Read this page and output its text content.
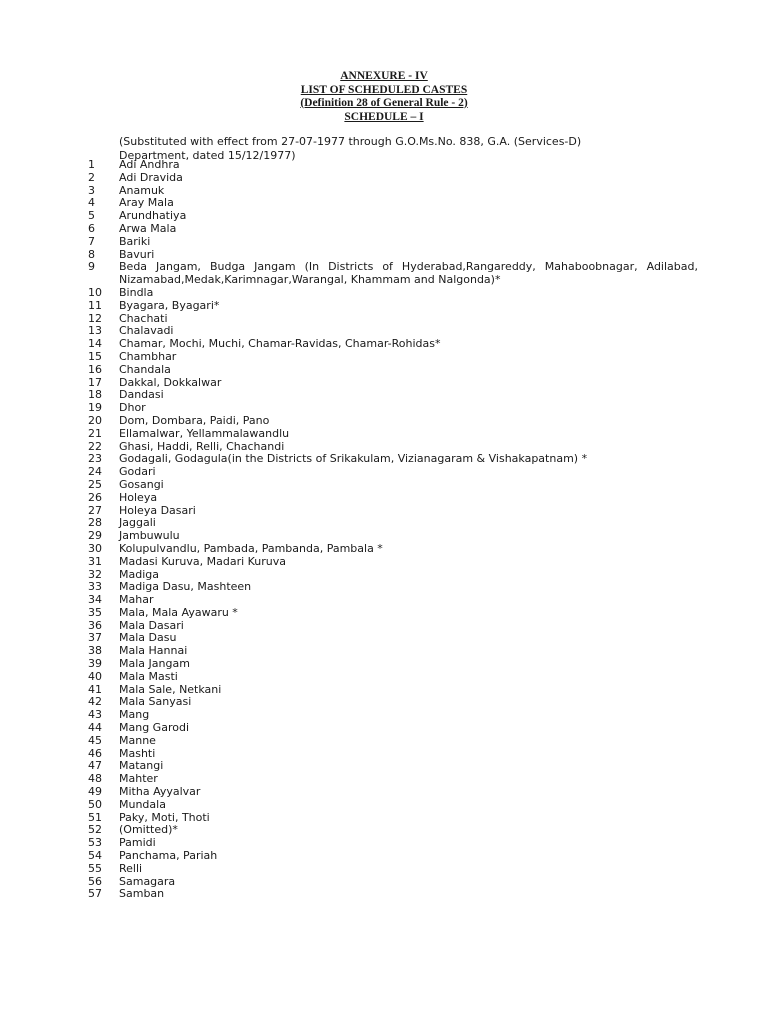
ANNEXURE - IV
LIST OF SCHEDULED CASTES
(Definition 28 of General Rule - 2)
SCHEDULE – I
(Substituted with effect from 27-07-1977 through G.O.Ms.No. 838, G.A. (Services-D) Department, dated 15/12/1977)
1	Adi Andhra
2	Adi Dravida
3	Anamuk
4	Aray Mala
5	Arundhatiya
6	Arwa Mala
7	Bariki
8	Bavuri
9	Beda Jangam, Budga Jangam (In Districts of Hyderabad,Rangareddy, Mahaboobnagar, Adilabad, Nizamabad,Medak,Karimnagar,Warangal, Khammam and Nalgonda)*
10	Bindla
11	Byagara, Byagari*
12	Chachati
13	Chalavadi
14	Chamar, Mochi, Muchi, Chamar-Ravidas, Chamar-Rohidas*
15	Chambhar
16	Chandala
17	Dakkal, Dokkalwar
18	Dandasi
19	Dhor
20	Dom, Dombara, Paidi, Pano
21	Ellamalwar, Yellammalawandlu
22	Ghasi, Haddi, Relli, Chachandi
23	Godagali, Godagula(in the Districts of Srikakulam, Vizianagaram & Vishakapatnam) *
24	Godari
25	Gosangi
26	Holeya
27	Holeya Dasari
28	Jaggali
29	Jambuwulu
30	Kolupulvandlu, Pambada, Pambanda, Pambala *
31	Madasi Kuruva, Madari Kuruva
32	Madiga
33	Madiga Dasu, Mashteen
34	Mahar
35	Mala, Mala Ayawaru *
36	Mala Dasari
37	Mala Dasu
38	Mala Hannai
39	Mala Jangam
40	Mala Masti
41	Mala Sale, Netkani
42	Mala Sanyasi
43	Mang
44	Mang Garodi
45	Manne
46	Mashti
47	Matangi
48	Mahter
49	Mitha Ayyalvar
50	Mundala
51	Paky, Moti, Thoti
52	(Omitted)*
53	Pamidi
54	Panchama, Pariah
55	Relli
56	Samagara
57	Samban
